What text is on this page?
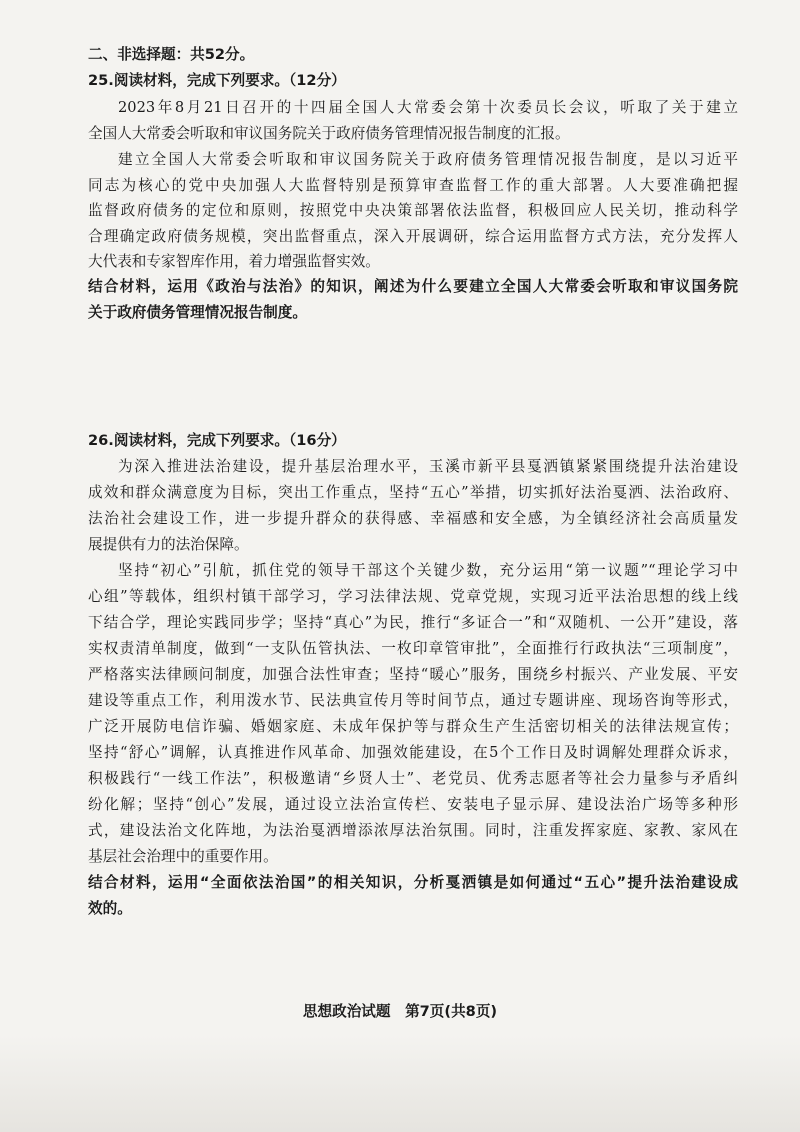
二、非选择题：共52分。
25.阅读材料，完成下列要求。（12分）
2023年8月21日召开的十四届全国人大常委会第十次委员长会议，听取了关于建立
全国人大常委会听取和审议国务院关于政府债务管理情况报告制度的汇报。
建立全国人大常委会听取和审议国务院关于政府债务管理情况报告制度，是以习近平
同志为核心的党中央加强人大监督特别是预算审查监督工作的重大部署。人大要准确把握
监督政府债务的定位和原则，按照党中央决策部署依法监督，积极回应人民关切，推动科学
合理确定政府债务规模，突出监督重点，深入开展调研，综合运用监督方式方法，充分发挥人
大代表和专家智库作用，着力增强监督实效。
结合材料，运用《政治与法治》的知识，阐述为什么要建立全国人大常委会听取和审议国务院
关于政府债务管理情况报告制度。
26.阅读材料，完成下列要求。（16分）
为深入推进法治建设，提升基层治理水平，玉溪市新平县戛洒镇紧紧围绕提升法治建设
成效和群众满意度为目标，突出工作重点，坚持“五心”举措，切实抓好法治戛洒、法治政府、
法治社会建设工作，进一步提升群众的获得感、幸福感和安全感，为全镇经济社会高质量发
展提供有力的法治保障。
坚持“初心”引航，抓住党的领导干部这个关键少数，充分运用“第一议题”“理论学习中
心组”等载体，组织村镇干部学习，学习法律法规、党章党规，实现习近平法治思想的线上线
下结合学，理论实践同步学；坚持“真心”为民，推行“多证合一”和“双随机、一公开”建设，落
实权责清单制度，做到“一支队伍管执法、一枚印章管审批”，全面推行行政执法“三项制度”，
严格落实法律顾问制度，加强合法性审查；坚持“暖心”服务，围绕乡村振兴、产业发展、平安
建设等重点工作，利用泼水节、民法典宣传月等时间节点，通过专题讲座、现场咨询等形式，
广泛开展防电信诈骗、婚姻家庭、未成年保护等与群众生产生活密切相关的法律法规宣传；
坚持“舒心”调解，认真推进作风革命、加强效能建设，在5个工作日及时调解处理群众诉求，
积极践行“一线工作法”，积极邀请“乡贤人士”、老党员、优秀志愿者等社会力量参与矛盾纠
纷化解；坚持“创心”发展，通过设立法治宣传栏、安装电子显示屏、建设法治广场等多种形
式，建设法治文化阵地，为法治戛洒增添浓厚法治氛围。同时，注重发挥家庭、家教、家风在
基层社会治理中的重要作用。
结合材料，运用“全面依法治国”的相关知识，分析戛洒镇是如何通过“五心”提升法治建设成
效的。
思想政治试题　第7页(共8页)
